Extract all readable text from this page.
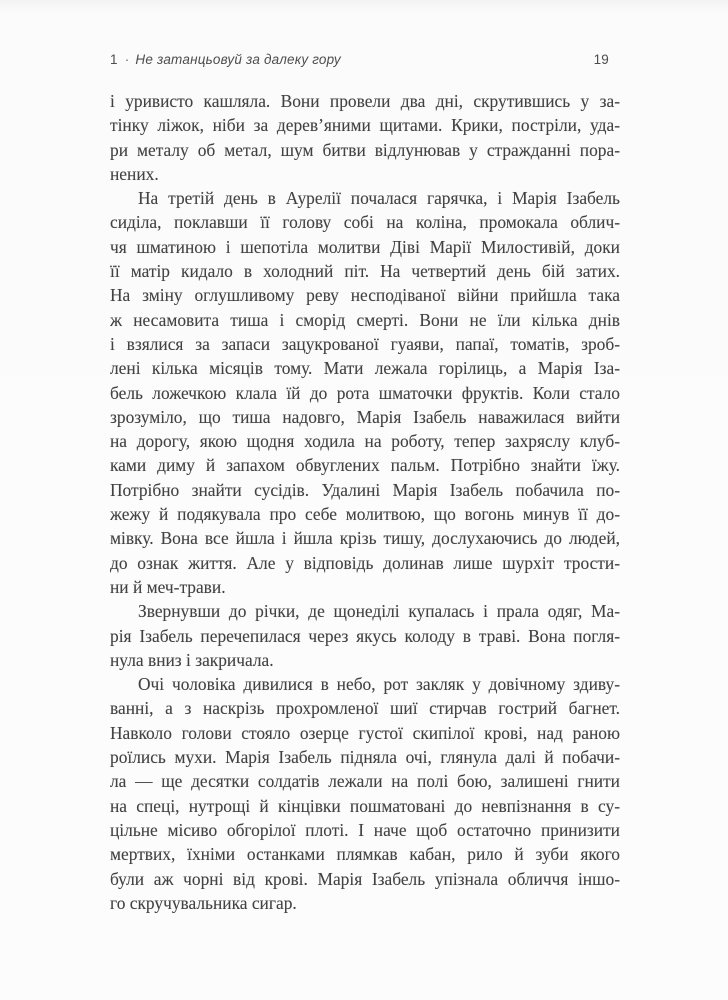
1 · Не затанцьовуй за далеку гору	19
і уривисто кашляла. Вони провели два дні, скрутившись у за-
тінку ліжок, ніби за дерев’яними щитами. Крики, постріли, уда-
ри металу об метал, шум битви відлунював у стражданні пора-
нених.
На третій день в Аурелії почалася гарячка, і Марія Ізабель
сиділа, поклавши її голову собі на коліна, промокала облич-
чя шматиною і шепотіла молитви Діві Марії Милостивій, доки
її матір кидало в холодний піт. На четвертий день бій затих.
На зміну оглушливому реву несподіваної війни прийшла така
ж несамовита тиша і сморід смерті. Вони не їли кілька днів
і взялися за запаси зацукрованої гуаяви, папаї, томатів, зроб-
лені кілька місяців тому. Мати лежала горілиць, а Марія Іза-
бель ложечкою клала їй до рота шматочки фруктів. Коли стало
зрозуміло, що тиша надовго, Марія Ізабель наважилася вийти
на дорогу, якою щодня ходила на роботу, тепер захряслу клуб-
ками диму й запахом обвуглених пальм. Потрібно знайти їжу.
Потрібно знайти сусідів. Удалині Марія Ізабель побачила по-
жежу й подякувала про себе молитвою, що вогонь минув її до-
мівку. Вона все йшла і йшла крізь тишу, дослухаючись до людей,
до ознак життя. Але у відповідь долинав лише шурхіт трости-
ни й меч-трави.
Звернувши до річки, де щонеділі купалась і прала одяг, Ма-
рія Ізабель перечепилася через якусь колоду в траві. Вона погля-
нула вниз і закричала.
Очі чоловіка дивилися в небо, рот закляк у довічному здиву-
ванні, а з наскрізь прохромленої шиї стирчав гострий багнет.
Навколо голови стояло озерце густої скипілої крові, над раною
роїлись мухи. Марія Ізабель підняла очі, глянула далі й побачи-
ла — ще десятки солдатів лежали на полі бою, залишені гнити
на спеці, нутрощі й кінцівки пошматовані до невпізнання в су-
цільне місиво обгорілої плоті. І наче щоб остаточно принизити
мертвих, їхніми останками плямкав кабан, рило й зуби якого
були аж чорні від крові. Марія Ізабель упізнала обличчя іншо-
го скручувальника сигар.
